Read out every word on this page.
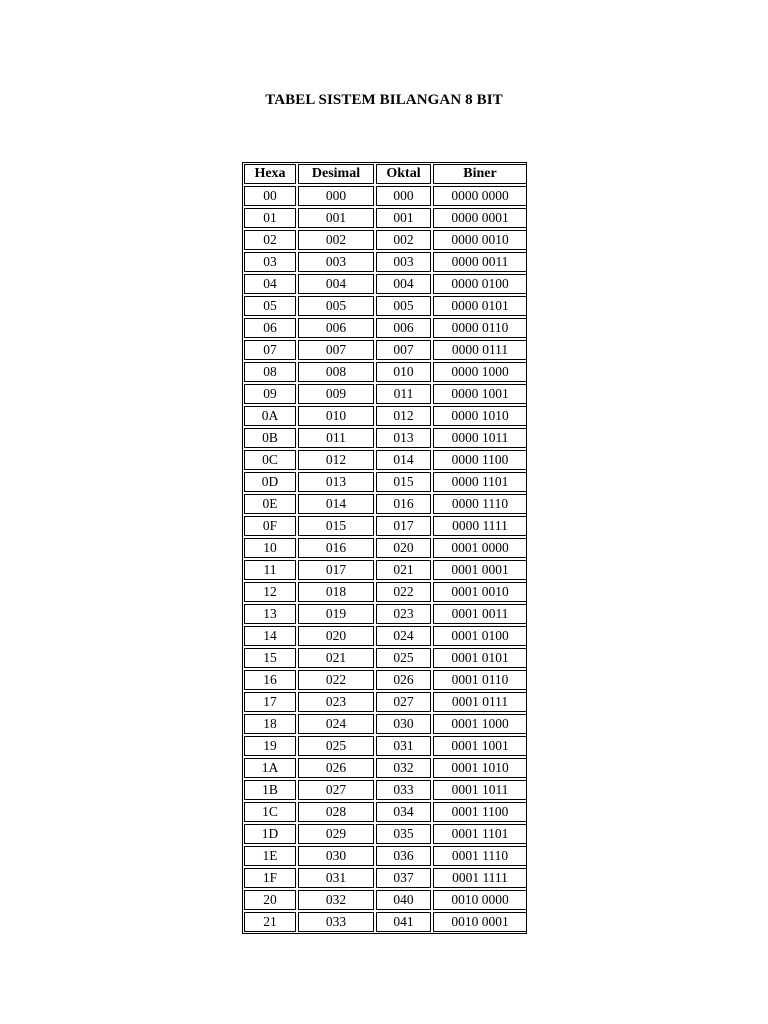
TABEL SISTEM BILANGAN 8 BIT
Hexa	Desimal	Oktal	Biner
00	000	000	0000 0000
01	001	001	0000 0001
02	002	002	0000 0010
03	003	003	0000 0011
04	004	004	0000 0100
05	005	005	0000 0101
06	006	006	0000 0110
07	007	007	0000 0111
08	008	010	0000 1000
09	009	011	0000 1001
0A	010	012	0000 1010
0B	011	013	0000 1011
0C	012	014	0000 1100
0D	013	015	0000 1101
0E	014	016	0000 1110
0F	015	017	0000 1111
10	016	020	0001 0000
11	017	021	0001 0001
12	018	022	0001 0010
13	019	023	0001 0011
14	020	024	0001 0100
15	021	025	0001 0101
16	022	026	0001 0110
17	023	027	0001 0111
18	024	030	0001 1000
19	025	031	0001 1001
1A	026	032	0001 1010
1B	027	033	0001 1011
1C	028	034	0001 1100
1D	029	035	0001 1101
1E	030	036	0001 1110
1F	031	037	0001 1111
20	032	040	0010 0000
21	033	041	0010 0001
